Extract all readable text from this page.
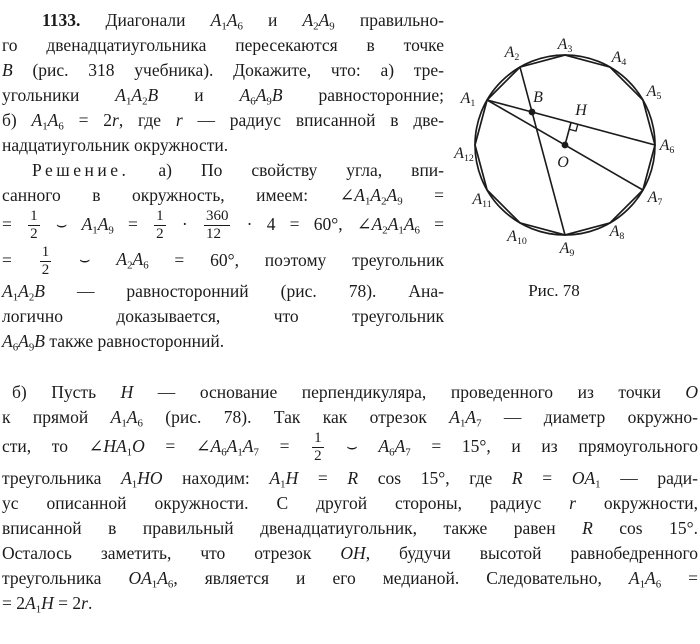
1133. Диагонали $A_1A_6$ и $A_2A_9$ правильно-
го двенадцатиугольника пересекаются в точке
B (рис. 318 учебника). Докажите, что: а) тре-
угольники $A_1A_2B$ и $A_6A_9B$ равносторонние;
б) $A_1A_6 = 2r$, где r — радиус вписанной в две-
надцатиугольник окружности.
Решение. а) По свойству угла, впи-
санного в окружность, имеем: $\angle A_1A_2A_9$ =
= $\frac{1}{2}$ ⌣ $A_1A_9 = \frac{1}{2} \cdot \frac{360}{12} \cdot 4 = 60^\circ$, $\angle A_2A_1A_6$ =
= $\frac{1}{2}$ ⌣ $A_2A_6 = 60^\circ$, поэтому треугольник
$A_1A_2B$ — равносторонний (рис. 78). Ана-
логично доказывается, что треугольник
$A_6A_9B$ также равносторонний.
$A_1$
$A_2$
$A_3$ $A_4$
$A_5$
$A_6$
$A_7$
$A_8$
$A_9$
$A_{10}$
$A_{11}$
$A_{12}$
B
H
O
Рис. 78
б) Пусть H — основание перпендикуляра, проведенного из точки O
к прямой $A_1A_6$ (рис. 78). Так как отрезок $A_1A_7$ — диаметр окружно-
сти, то $\angle HA_1O$ = $\angle A_6A_1A_7 = \frac{1}{2}$ ⌣ $A_6A_7 = 15^\circ$, и из прямоугольного
треугольника $A_1HO$ находим: $A_1H = R$ cos 15°, где $R = OA_1$ — ради-
ус описанной окружности. С другой стороны, радиус r окружности,
вписанной в правильный двенадцатиугольник, также равен R cos 15°.
Осталось заметить, что отрезок OH, будучи высотой равнобедренного
треугольника $OA_1A_6$, является и его медианой. Следовательно, $A_1A_6$ =
= $2A_1H = 2r$.
